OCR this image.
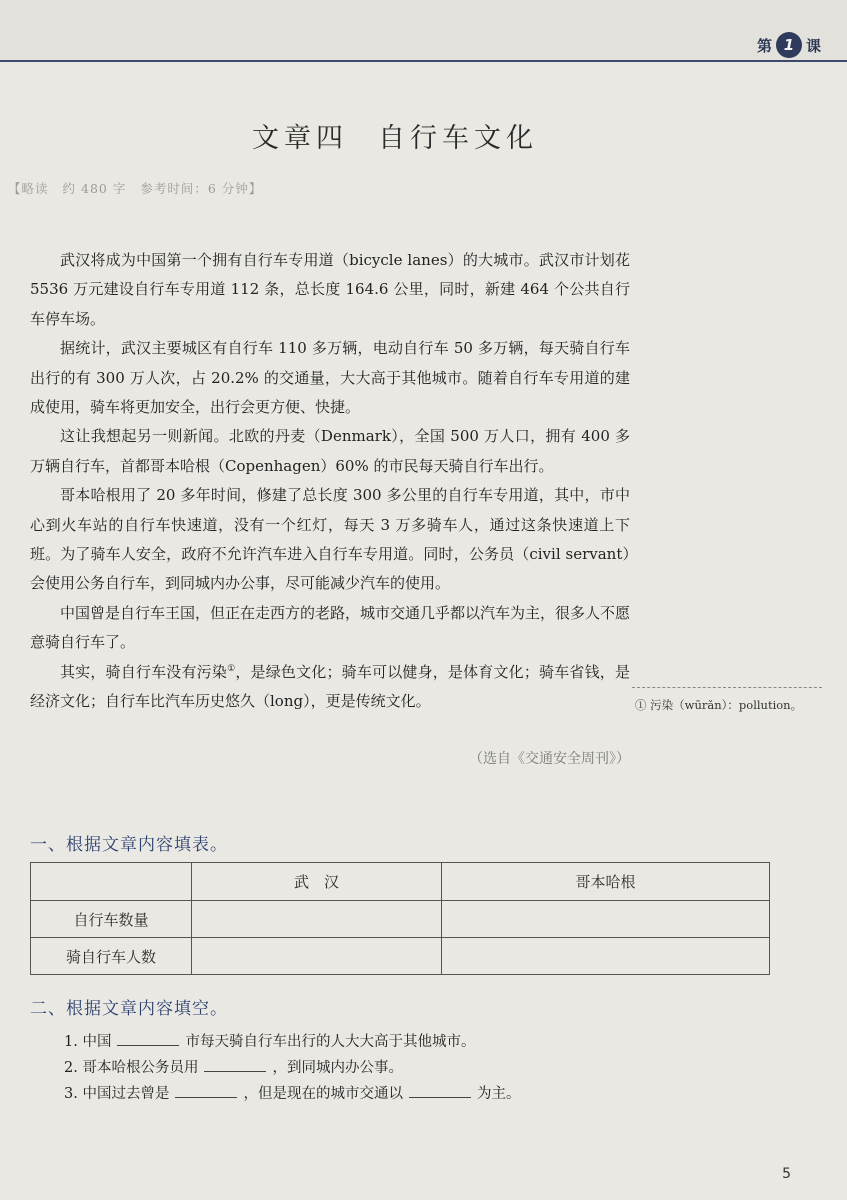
第 1 课
文章四 自行车文化
【略读 约 480 字 参考时间：6 分钟】

武汉将成为中国第一个拥有自行车专用道（bicycle lanes）的大城市。武汉市计划花 5536 万元建设自行车专用道 112 条，总长度 164.6 公里，同时，新建 464 个公共自行车停车场。

据统计，武汉主要城区有自行车 110 多万辆，电动自行车 50 多万辆，每天骑自行车出行的有 300 万人次，占 20.2% 的交通量，大大高于其他城市。随着自行车专用道的建成使用，骑车将更加安全，出行会更方便、快捷。

这让我想起另一则新闻。北欧的丹麦（Denmark），全国 500 万人口，拥有 400 多万辆自行车，首都哥本哈根（Copenhagen）60% 的市民每天骑自行车出行。

哥本哈根用了 20 多年时间，修建了总长度 300 多公里的自行车专用道，其中，市中心到火车站的自行车快速道，没有一个红灯，每天 3 万多骑车人，通过这条快速道上下班。为了骑车人安全，政府不允许汽车进入自行车专用道。同时，公务员（civil servant）会使用公务自行车，到同城内办公事，尽可能减少汽车的使用。

中国曾是自行车王国，但正在走西方的老路，城市交通几乎都以汽车为主，很多人不愿意骑自行车了。

其实，骑自行车没有污染①，是绿色文化；骑车可以健身，是体育文化；骑车省钱，是经济文化；自行车比汽车历史悠久（long），更是传统文化。

（选自《交通安全周刊》）
① 污染（wūrǎn）：pollution。
一、根据文章内容填表。
	武　汉	哥本哈根
自行车数量		
骑自行车人数		
二、根据文章内容填空。
1. 中国	市每天骑自行车出行的人大大高于其他城市。
2. 哥本哈根公务员用	，到同城内办公事。
3. 中国过去曾是	，但是现在的城市交通以	为主。
5
